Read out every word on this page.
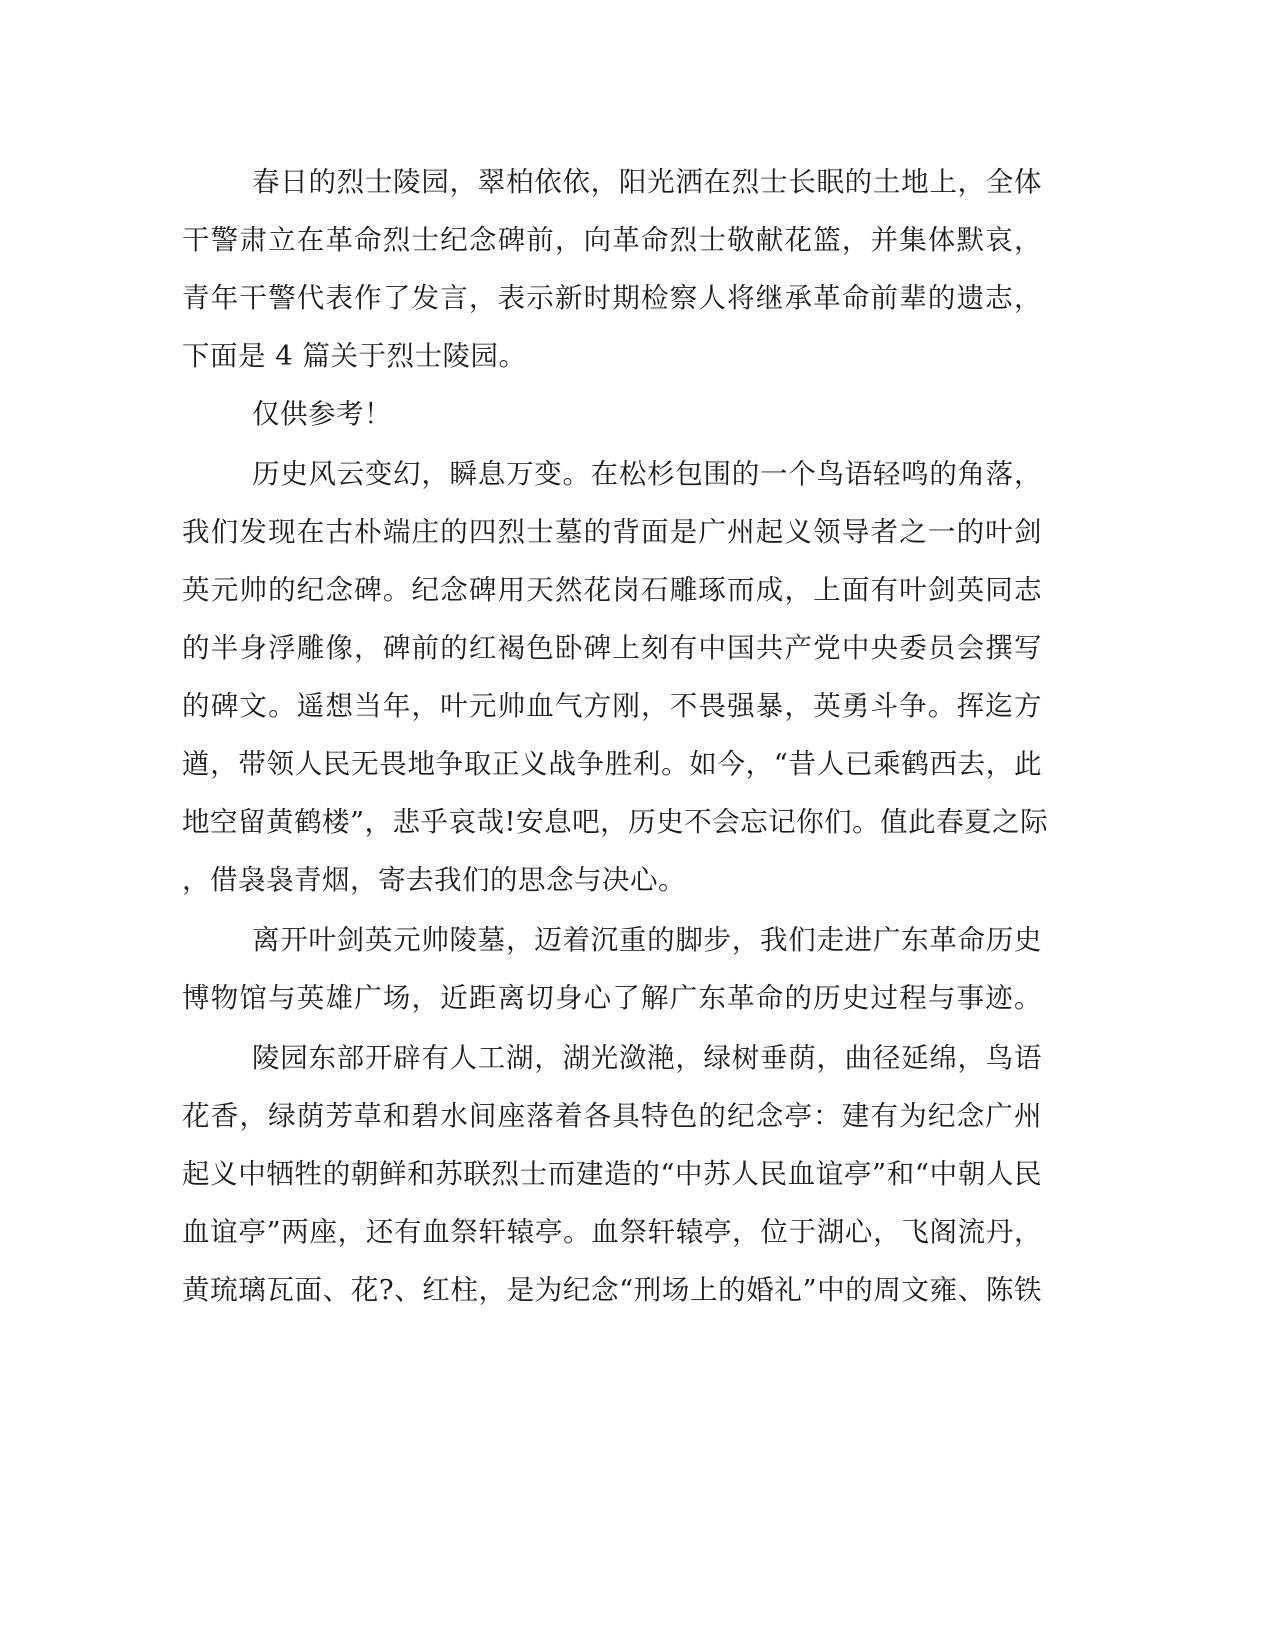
春日的烈士陵园，翠柏依依，阳光洒在烈士长眠的土地上，全体
干警肃立在革命烈士纪念碑前，向革命烈士敬献花篮，并集体默哀，
青年干警代表作了发言，表示新时期检察人将继承革命前辈的遗志，
下面是 4 篇关于烈士陵园。
仅供参考！
历史风云变幻，瞬息万变。在松杉包围的一个鸟语轻鸣的角落，
我们发现在古朴端庄的四烈士墓的背面是广州起义领导者之一的叶剑
英元帅的纪念碑。纪念碑用天然花岗石雕琢而成，上面有叶剑英同志
的半身浮雕像，碑前的红褐色卧碑上刻有中国共产党中央委员会撰写
的碑文。遥想当年，叶元帅血气方刚，不畏强暴，英勇斗争。挥迄方
遒，带领人民无畏地争取正义战争胜利。如今，“昔人已乘鹤西去，此
地空留黄鹤楼”，悲乎哀哉!安息吧，历史不会忘记你们。值此春夏之际
，借袅袅青烟，寄去我们的思念与决心。
离开叶剑英元帅陵墓，迈着沉重的脚步，我们走进广东革命历史
博物馆与英雄广场，近距离切身心了解广东革命的历史过程与事迹。
陵园东部开辟有人工湖，湖光潋滟，绿树垂荫，曲径延绵，鸟语
花香，绿荫芳草和碧水间座落着各具特色的纪念亭：建有为纪念广州
起义中牺牲的朝鲜和苏联烈士而建造的“中苏人民血谊亭”和“中朝人民
血谊亭”两座，还有血祭轩辕亭。血祭轩辕亭，位于湖心，飞阁流丹，
黄琉璃瓦面、花?、红柱，是为纪念“刑场上的婚礼”中的周文雍、陈铁
